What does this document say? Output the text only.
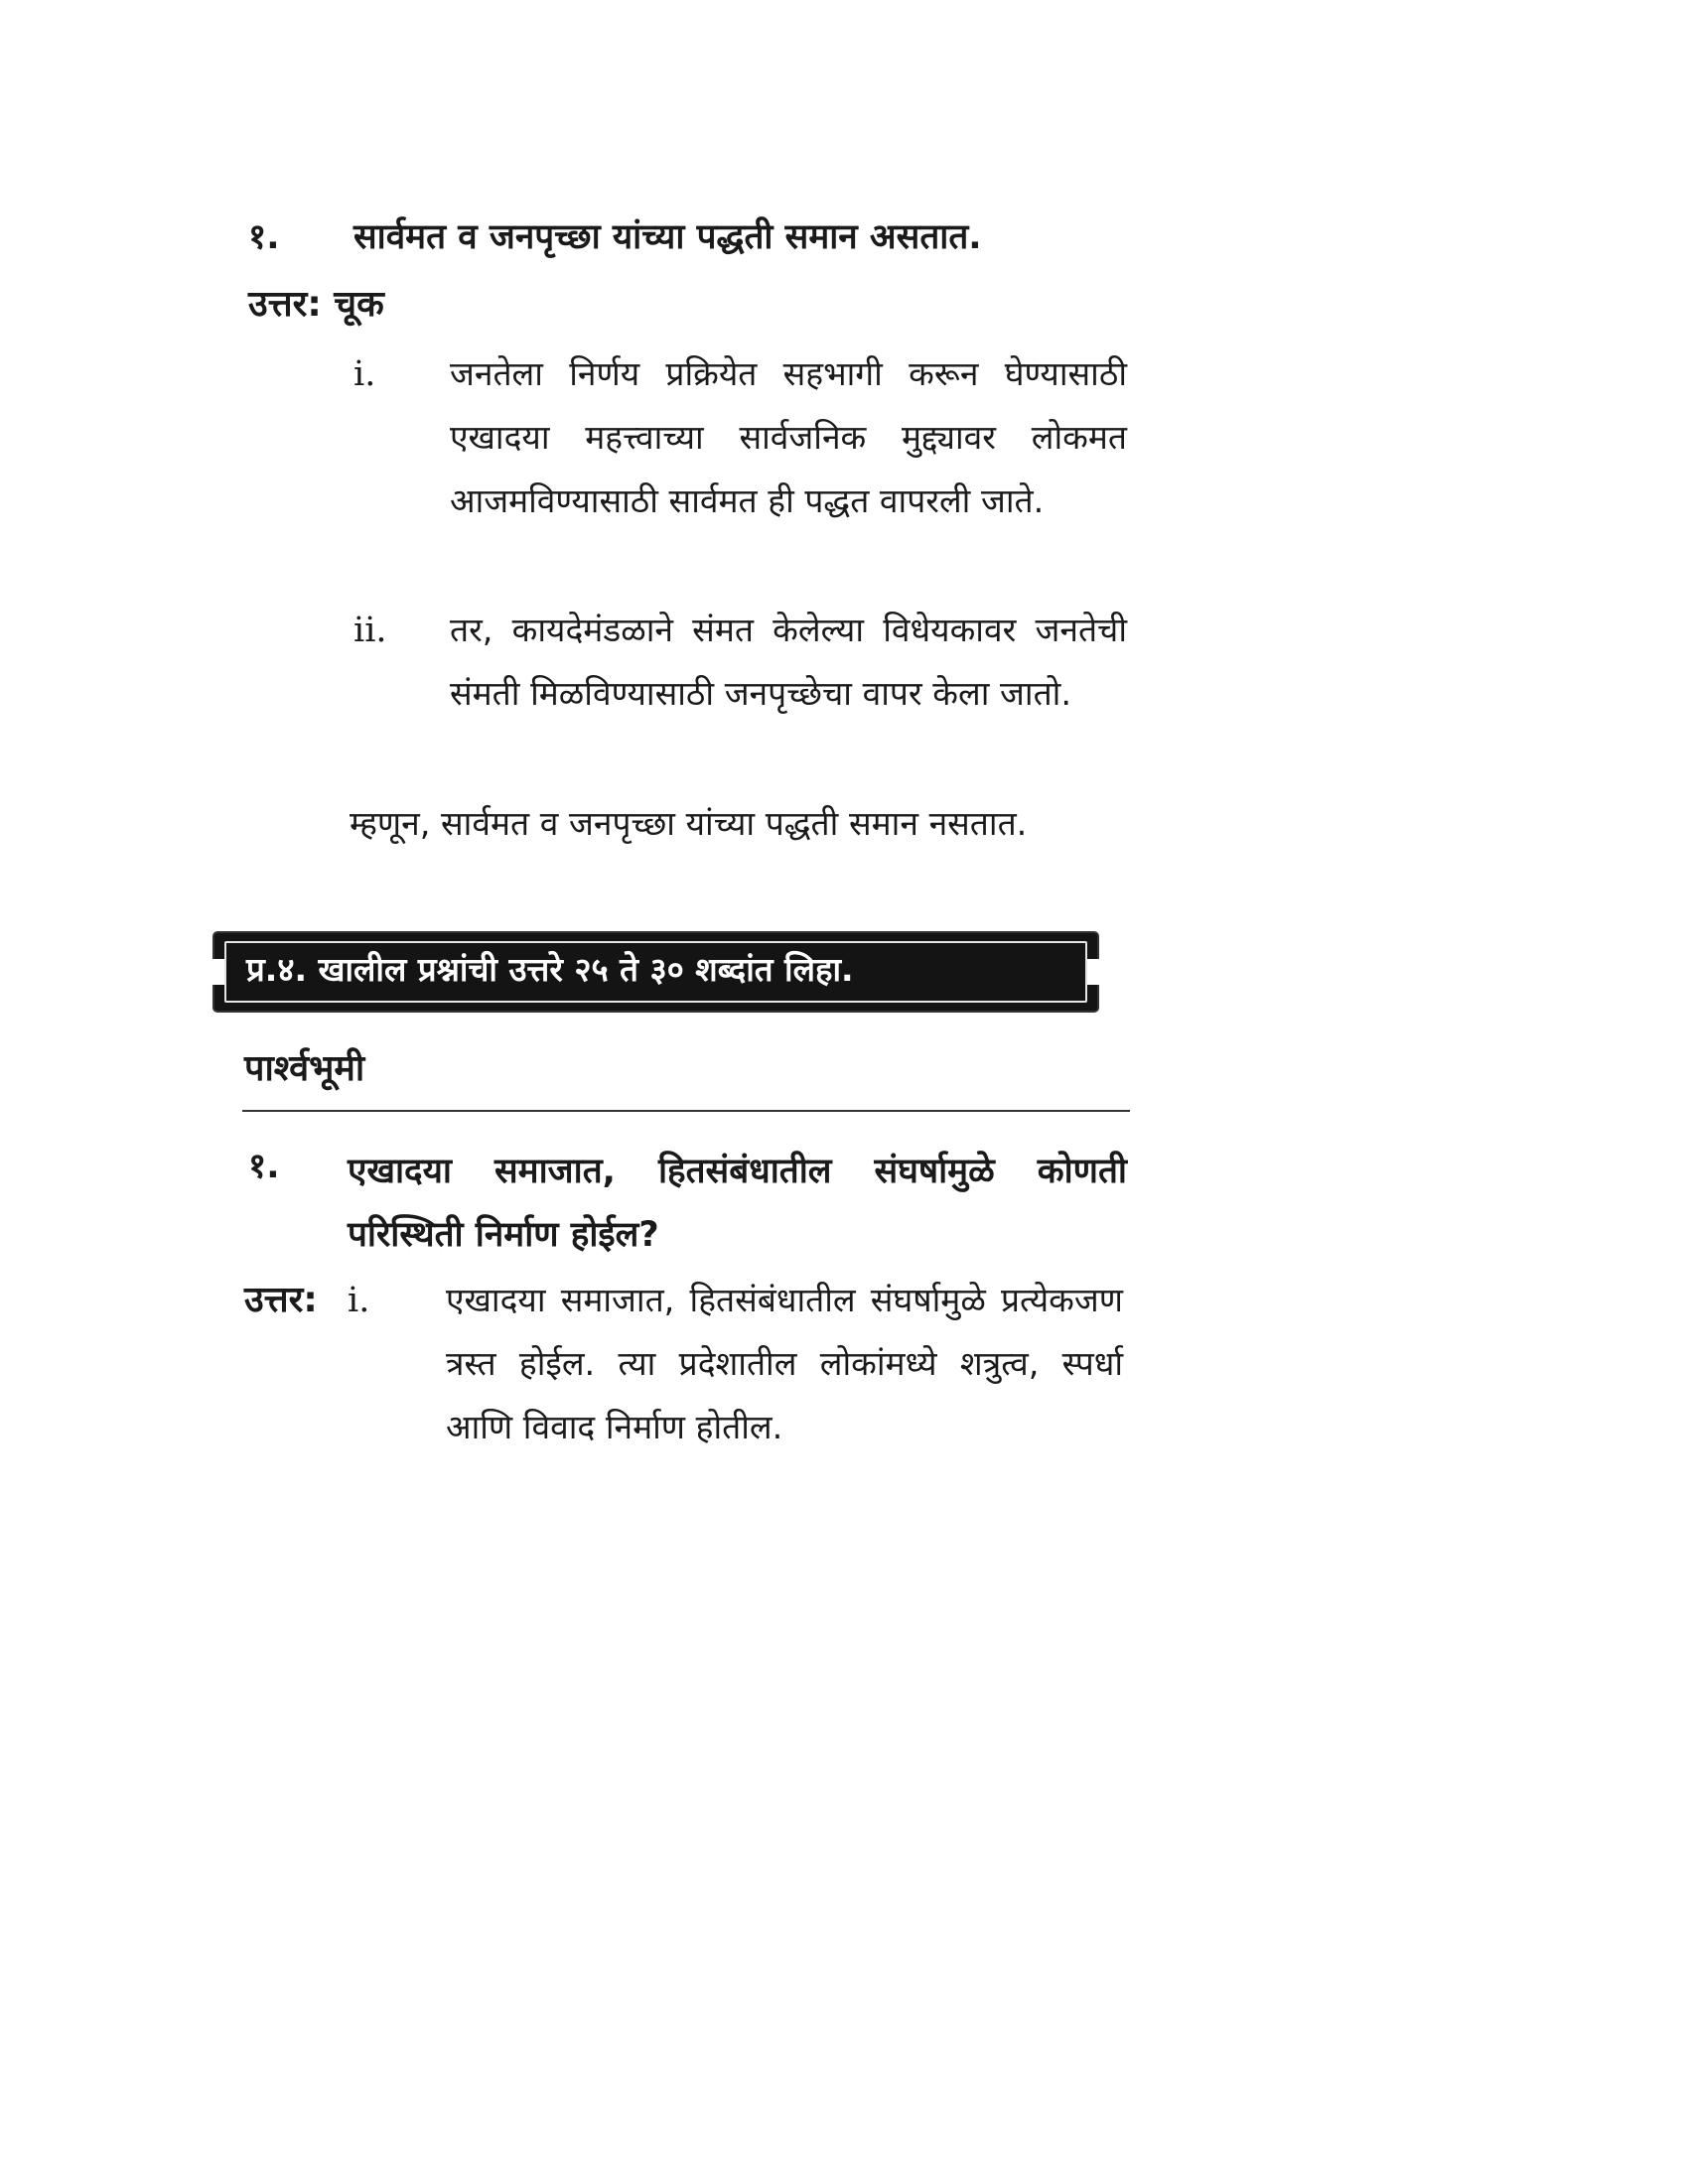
१. सार्वमत व जनपृच्छा यांच्या पद्धती समान असतात.
उत्तर: चूक
i. जनतेला निर्णय प्रक्रियेत सहभागी करून घेण्यासाठी एखादया महत्त्वाच्या सार्वजनिक मुद्द्यावर लोकमत आजमविण्यासाठी सार्वमत ही पद्धत वापरली जाते.
ii. तर, कायदेमंडळाने संमत केलेल्या विधेयकावर जनतेची संमती मिळविण्यासाठी जनपृच्छेचा वापर केला जातो.
म्हणून, सार्वमत व जनपृच्छा यांच्या पद्धती समान नसतात.
प्र.४. खालील प्रश्नांची उत्तरे २५ ते ३० शब्दांत लिहा.
पार्श्वभूमी
१. एखादया समाजात, हितसंबंधातील संघर्षामुळे कोणती परिस्थिती निर्माण होईल?
उत्तर: i. एखादया समाजात, हितसंबंधातील संघर्षामुळे प्रत्येकजण त्रस्त होईल. त्या प्रदेशातील लोकांमध्ये शत्रुत्व, स्पर्धा आणि विवाद निर्माण होतील.
